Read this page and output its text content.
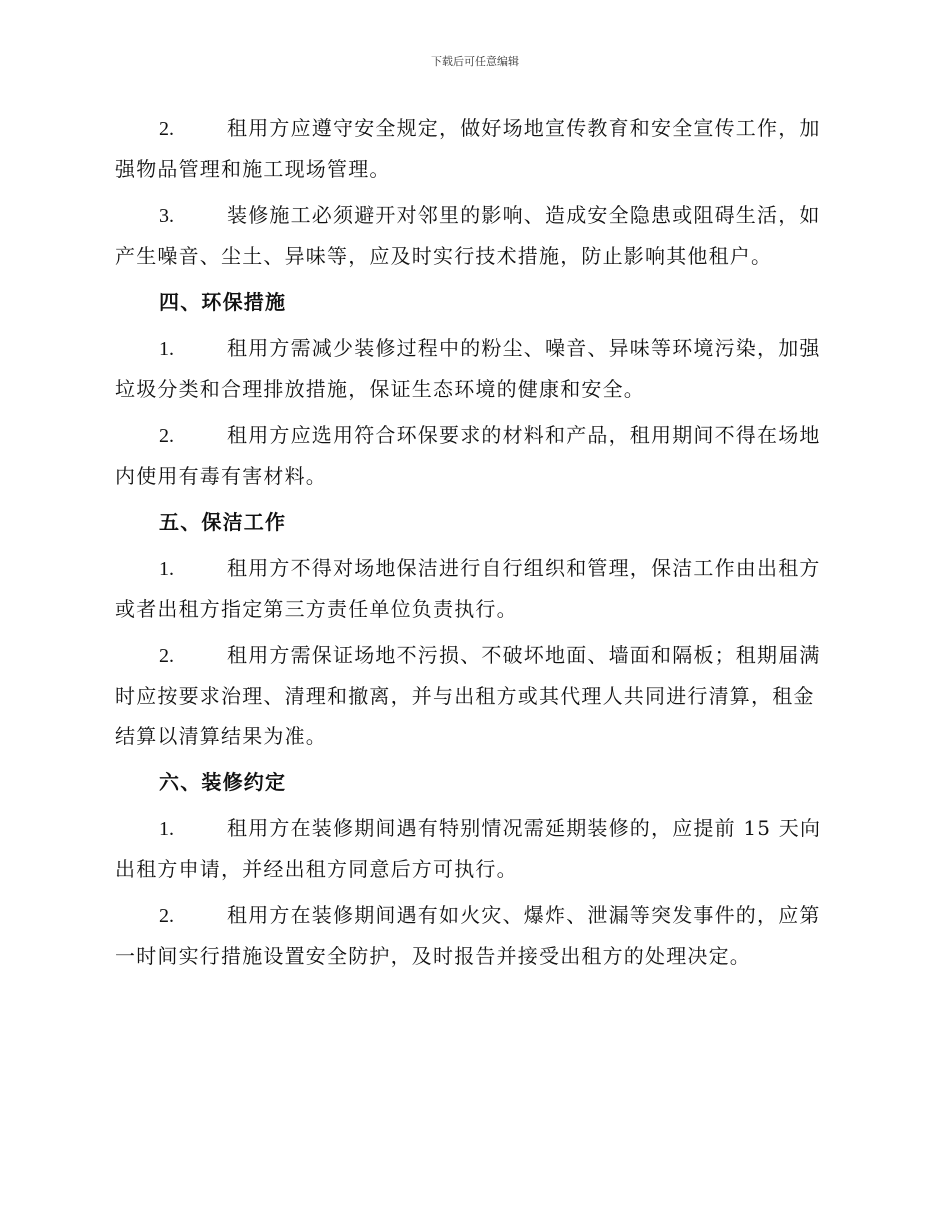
下载后可任意编辑

2.	租用方应遵守安全规定，做好场地宣传教育和安全宣传工作，加强物品管理和施工现场管理。

3.	装修施工必须避开对邻里的影响、造成安全隐患或阻碍生活，如产生噪音、尘土、异味等，应及时实行技术措施，防止影响其他租户。

四、环保措施

1.	租用方需减少装修过程中的粉尘、噪音、异味等环境污染，加强垃圾分类和合理排放措施，保证生态环境的健康和安全。

2.	租用方应选用符合环保要求的材料和产品，租用期间不得在场地内使用有毒有害材料。

五、保洁工作

1.	租用方不得对场地保洁进行自行组织和管理，保洁工作由出租方或者出租方指定第三方责任单位负责执行。

2.	租用方需保证场地不污损、不破坏地面、墙面和隔板；租期届满时应按要求治理、清理和撤离，并与出租方或其代理人共同进行清算，租金结算以清算结果为准。

六、装修约定

1.	租用方在装修期间遇有特别情况需延期装修的，应提前 15 天向出租方申请，并经出租方同意后方可执行。

2.	租用方在装修期间遇有如火灾、爆炸、泄漏等突发事件的，应第一时间实行措施设置安全防护，及时报告并接受出租方的处理决定。
